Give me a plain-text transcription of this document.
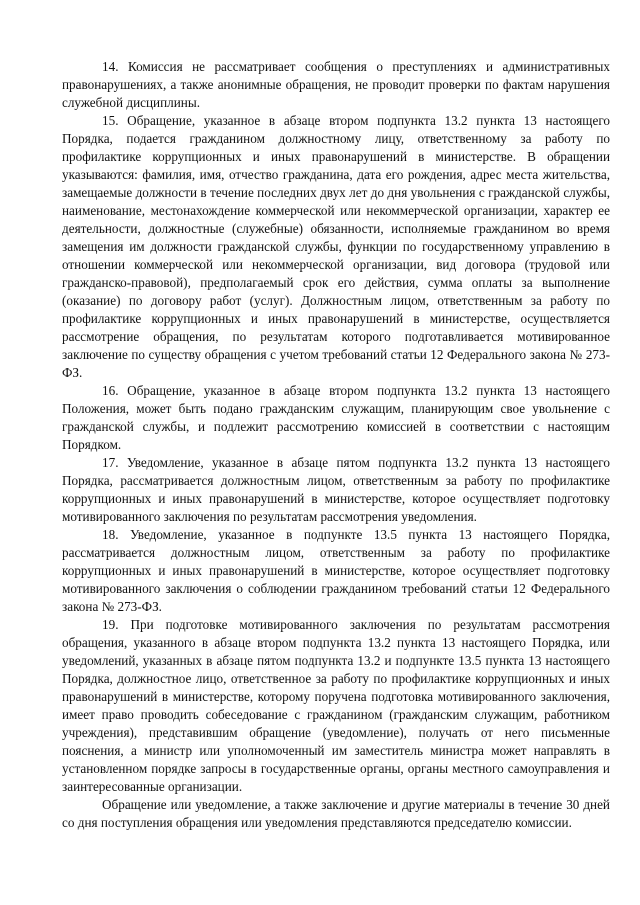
14. Комиссия не рассматривает сообщения о преступлениях и административных правонарушениях, а также анонимные обращения, не проводит проверки по фактам нарушения служебной дисциплины.

15. Обращение, указанное в абзаце втором подпункта 13.2 пункта 13 настоящего Порядка, подается гражданином должностному лицу, ответственному за работу по профилактике коррупционных и иных правонарушений в министерстве. В обращении указываются: фамилия, имя, отчество гражданина, дата его рождения, адрес места жительства, замещаемые должности в течение последних двух лет до дня увольнения с гражданской службы, наименование, местонахождение коммерческой или некоммерческой организации, характер ее деятельности, должностные (служебные) обязанности, исполняемые гражданином во время замещения им должности гражданской службы, функции по государственному управлению в отношении коммерческой или некоммерческой организации, вид договора (трудовой или гражданско-правовой), предполагаемый срок его действия, сумма оплаты за выполнение (оказание) по договору работ (услуг). Должностным лицом, ответственным за работу по профилактике коррупционных и иных правонарушений в министерстве, осуществляется рассмотрение обращения, по результатам которого подготавливается мотивированное заключение по существу обращения с учетом требований статьи 12 Федерального закона № 273-ФЗ.

16. Обращение, указанное в абзаце втором подпункта 13.2 пункта 13 настоящего Положения, может быть подано гражданским служащим, планирующим свое увольнение с гражданской службы, и подлежит рассмотрению комиссией в соответствии с настоящим Порядком.

17. Уведомление, указанное в абзаце пятом подпункта 13.2 пункта 13 настоящего Порядка, рассматривается должностным лицом, ответственным за работу по профилактике коррупционных и иных правонарушений в министерстве, которое осуществляет подготовку мотивированного заключения по результатам рассмотрения уведомления.

18. Уведомление, указанное в подпункте 13.5 пункта 13 настоящего Порядка, рассматривается должностным лицом, ответственным за работу по профилактике коррупционных и иных правонарушений в министерстве, которое осуществляет подготовку мотивированного заключения о соблюдении гражданином требований статьи 12 Федерального закона № 273-ФЗ.

19. При подготовке мотивированного заключения по результатам рассмотрения обращения, указанного в абзаце втором подпункта 13.2 пункта 13 настоящего Порядка, или уведомлений, указанных в абзаце пятом подпункта 13.2 и подпункте 13.5 пункта 13 настоящего Порядка, должностное лицо, ответственное за работу по профилактике коррупционных и иных правонарушений в министерстве, которому поручена подготовка мотивированного заключения, имеет право проводить собеседование с гражданином (гражданским служащим, работником учреждения), представившим обращение (уведомление), получать от него письменные пояснения, а министр или уполномоченный им заместитель министра может направлять в установленном порядке запросы в государственные органы, органы местного самоуправления и заинтересованные организации.

Обращение или уведомление, а также заключение и другие материалы в течение 30 дней со дня поступления обращения или уведомления представляются председателю комиссии.
